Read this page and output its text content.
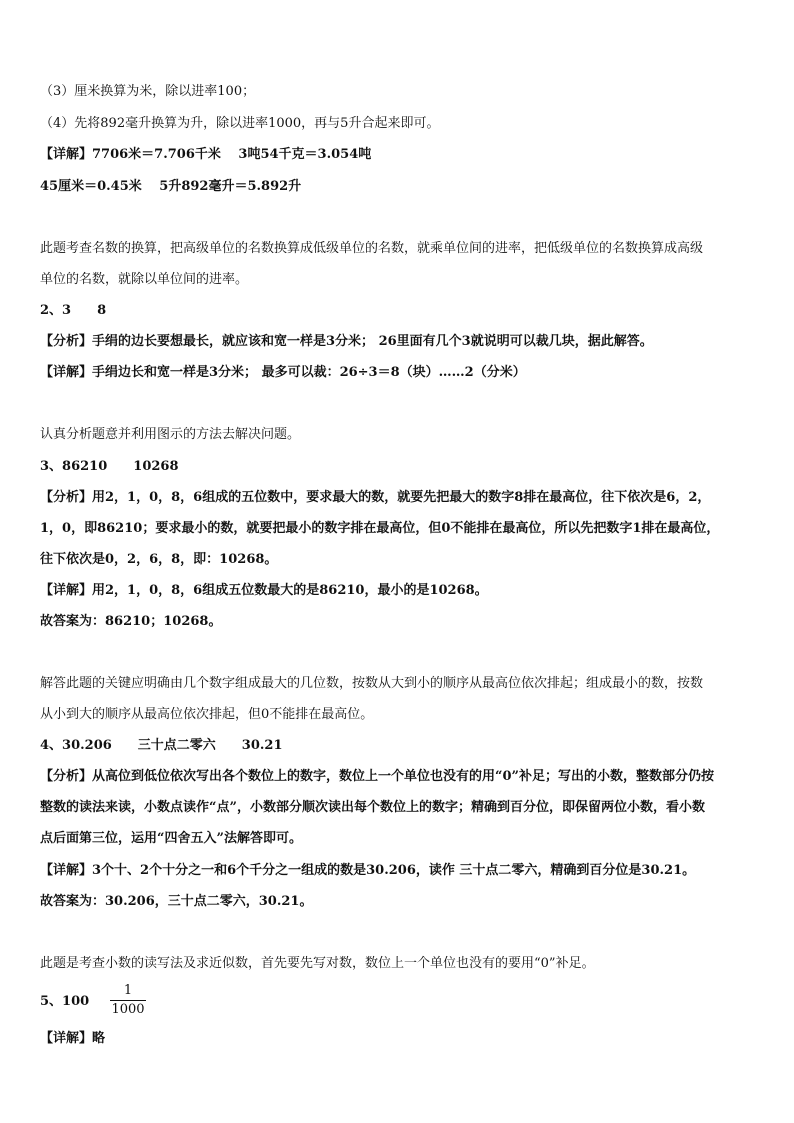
（3）厘米换算为米，除以进率100；
（4）先将892毫升换算为升，除以进率1000，再与5升合起来即可。
【详解】7706米＝7.706千米　 3吨54千克＝3.054吨
45厘米＝0.45米　 5升892毫升＝5.892升
此题考查名数的换算，把高级单位的名数换算成低级单位的名数，就乘单位间的进率，把低级单位的名数换算成高级
单位的名数，就除以单位间的进率。
2、3　　8
【分析】手绢的边长要想最长，就应该和宽一样是3分米； 26里面有几个3就说明可以裁几块，据此解答。
【详解】手绢边长和宽一样是3分米； 最多可以裁：26÷3＝8（块）……2（分米）
认真分析题意并利用图示的方法去解决问题。
3、86210　　10268
【分析】用2，1，0，8，6组成的五位数中，要求最大的数，就要先把最大的数字8排在最高位，往下依次是6，2，
1，0，即86210；要求最小的数，就要把最小的数字排在最高位，但0不能排在最高位，所以先把数字1排在最高位，
往下依次是0，2，6，8，即：10268。
【详解】用2，1，0，8，6组成五位数最大的是86210，最小的是10268。
故答案为：86210；10268。
解答此题的关键应明确由几个数字组成最大的几位数，按数从大到小的顺序从最高位依次排起；组成最小的数，按数
从小到大的顺序从最高位依次排起，但0不能排在最高位。
4、30.206　　三十点二零六　　30.21
【分析】从高位到低位依次写出各个数位上的数字，数位上一个单位也没有的用“0”补足；写出的小数，整数部分仍按
整数的读法来读，小数点读作“点”，小数部分顺次读出每个数位上的数字；精确到百分位，即保留两位小数，看小数
点后面第三位，运用“四舍五入”法解答即可。
【详解】3个十、2个十分之一和6个千分之一组成的数是30.206，读作 三十点二零六，精确到百分位是30.21。
故答案为：30.206，三十点二零六，30.21。
此题是考查小数的读写法及求近似数，首先要先写对数，数位上一个单位也没有的要用“0”补足。
5、100
1
1000
【详解】略
